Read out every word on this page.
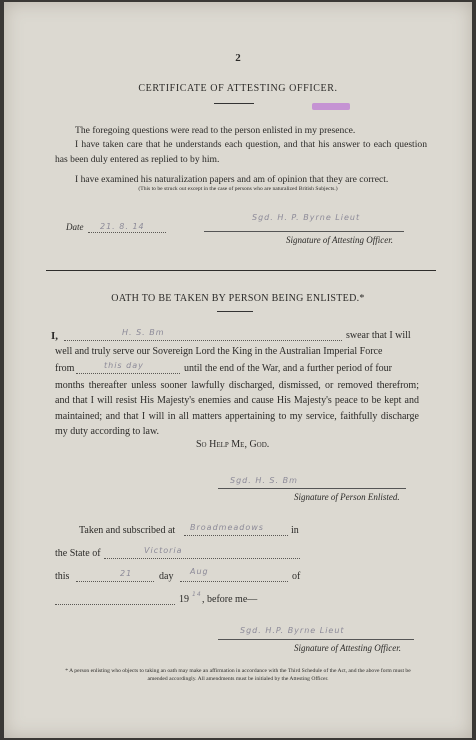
2
CERTIFICATE OF ATTESTING OFFICER.
The foregoing questions were read to the person enlisted in my presence.
I have taken care that he understands each question, and that his answer to each question has been duly entered as replied to by him.
I have examined his naturalization papers and am of opinion that they are correct.
(This to be struck out except in the case of persons who are naturalized British Subjects.)
Date 21. 8. 14
Sgd. H. P. Byrne Lieut
Signature of Attesting Officer.
OATH TO BE TAKEN BY PERSON BEING ENLISTED.*
I,	H. S. Bm	swear that I will
well and truly serve our Sovereign Lord the King in the Australian Imperial Force
from	this day	until the end of the War, and a further period of four
months thereafter unless sooner lawfully discharged, dismissed, or removed therefrom; and that I will resist His Majesty's enemies and cause His Majesty's peace to be kept and maintained; and that I will in all matters appertaining to my service, faithfully discharge my duty according to law.
So Help Me, God.
Sgd. H. S. Bm
Signature of Person Enlisted.
Taken and subscribed at Broadmeadows	in
the State of	Victoria
this	21	day Aug	of
19 14 , before me—
Sgd. H.P. Byrne Lieut
Signature of Attesting Officer.
* A person enlisting who objects to taking an oath may make an affirmation in accordance with the Third Schedule of the Act, and the above form must be amended accordingly. All amendments must be initialed by the Attesting Officer.
